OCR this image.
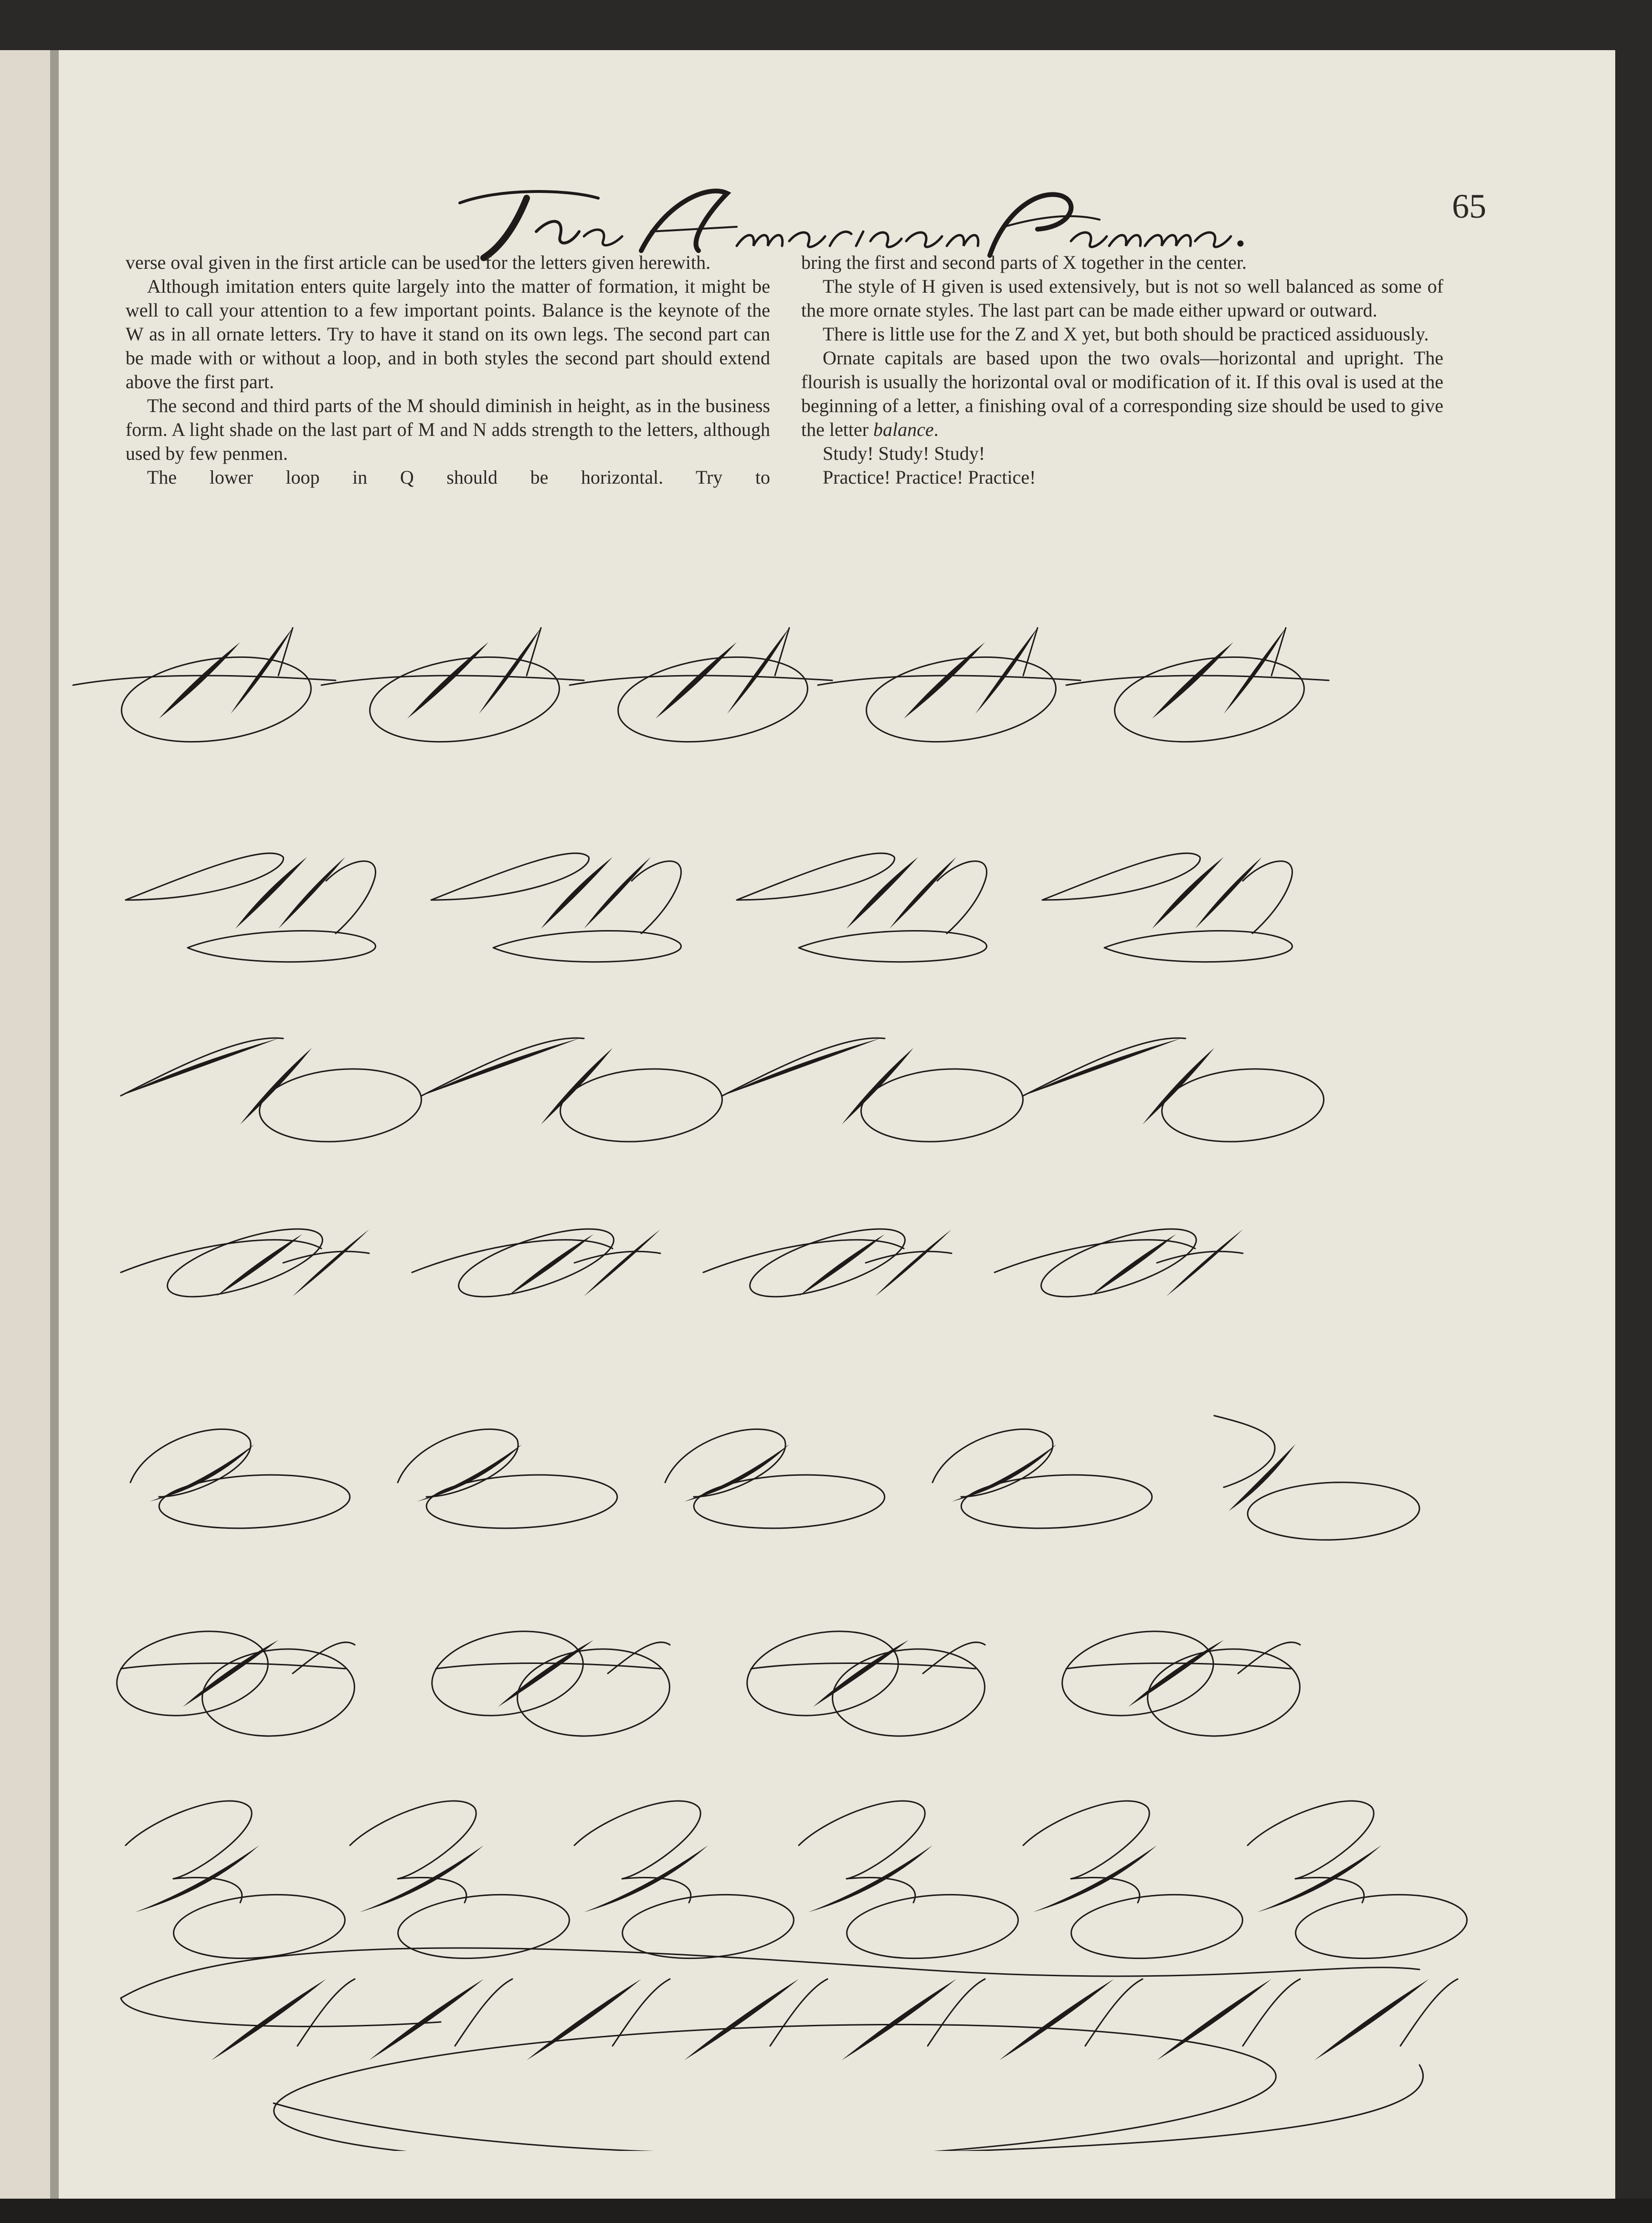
65

verse oval given in the first article can be used for the letters given herewith.

Although imitation enters quite largely into the matter of formation, it might be well to call your attention to a few important points. Balance is the keynote of the W as in all ornate letters. Try to have it stand on its own legs. The second part can be made with or without a loop, and in both styles the second part should extend above the first part.

The second and third parts of the M should diminish in height, as in the business form. A light shade on the last part of M and N adds strength to the letters, although used by few penmen.

The lower loop in Q should be horizontal. Try to

bring the first and second parts of X together in the center.

The style of H given is used extensively, but is not so well balanced as some of the more ornate styles. The last part can be made either upward or outward.

There is little use for the Z and X yet, but both should be practiced assiduously.

Ornate capitals are based upon the two ovals—horizontal and upright. The flourish is usually the horizontal oval or modification of it. If this oval is used at the beginning of a letter, a finishing oval of a corresponding size should be used to give the letter balance.

Study! Study! Study!

Practice! Practice! Practice!
